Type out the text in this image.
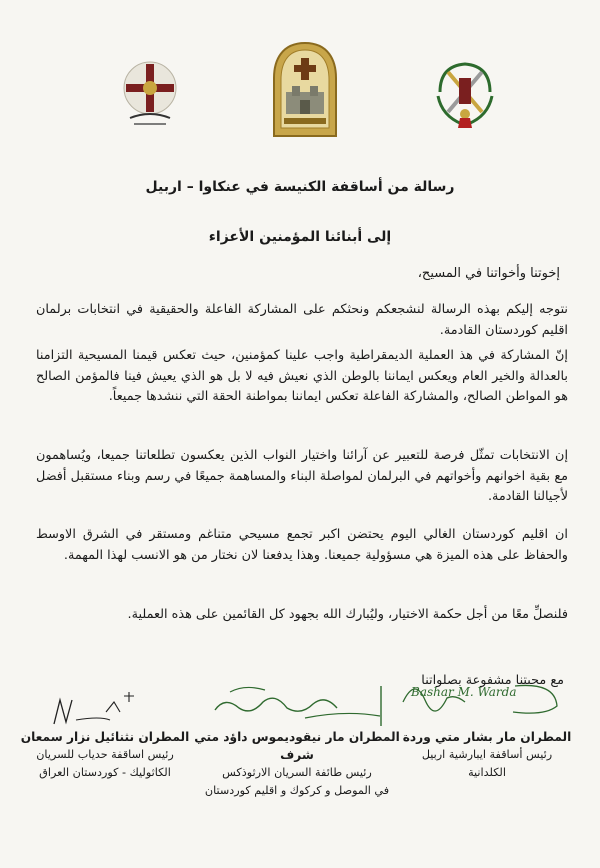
رسالة من أساقفة الكنيسة في عنكاوا – اربيل
إلى أبنائنا المؤمنين الأعزاء
إخوتنا وأخواتنا في المسيح،
نتوجه إليكم بهذه الرسالة لنشجعكم ونحثكم على المشاركة الفاعلة والحقيقية في انتخابات برلمان اقليم كوردستان القادمة.
إنّ المشاركة في هذ العملية الديمقراطية واجب علينا كمؤمنين، حيث تعكس قيمنا المسيحية التزامنا بالعدالة والخير العام ويعكس ايماننا بالوطن الذي نعيش فيه لا بل هو الذي يعيش فينا فالمؤمن الصالح هو المواطن الصالح، والمشاركة الفاعلة تعكس ايماننا بمواطنة الحقة التي ننشدها جميعاً.
إن الانتخابات تمثّل فرصة للتعبير عن آرائنا واختيار النواب الذين يعكسون تطلعاتنا جميعا، ويُساهمون مع بقية اخوانهم وأخواتهم في البرلمان لمواصلة البناء والمساهمة جميعًا في رسم وبناء مستقبل أفضل لأجيالنا القادمة.
ان اقليم كوردستان الغالي اليوم يحتضن اكبر تجمع مسيحي متناغم ومستقر في الشرق الاوسط والحفاظ على هذه الميزة هي مسؤولية جميعنا. وهذا يدفعنا لان نختار من هو الانسب لهذا المهمة.
فلنصلِّ معًا من أجل حكمة الاختيار، وليُبارك الله بجهود كل القائمين على هذه العملية.
مع محبتنا مشفوعة بصلواتنا
Bashar M. Warda
المطران مار بشار متي وردة
رئيس أساقفة ايبارشية اربيل
الكلدانية
المطران مار نيقوديموس داؤد متي شرف
رئيس طائفة السريان الارثوذكس
في الموصل و كركوك و اقليم كوردستان
المطران نثنائيل نزار سمعان
رئيس اساقفة حدياب للسريان
الكاثوليك - كوردستان العراق
